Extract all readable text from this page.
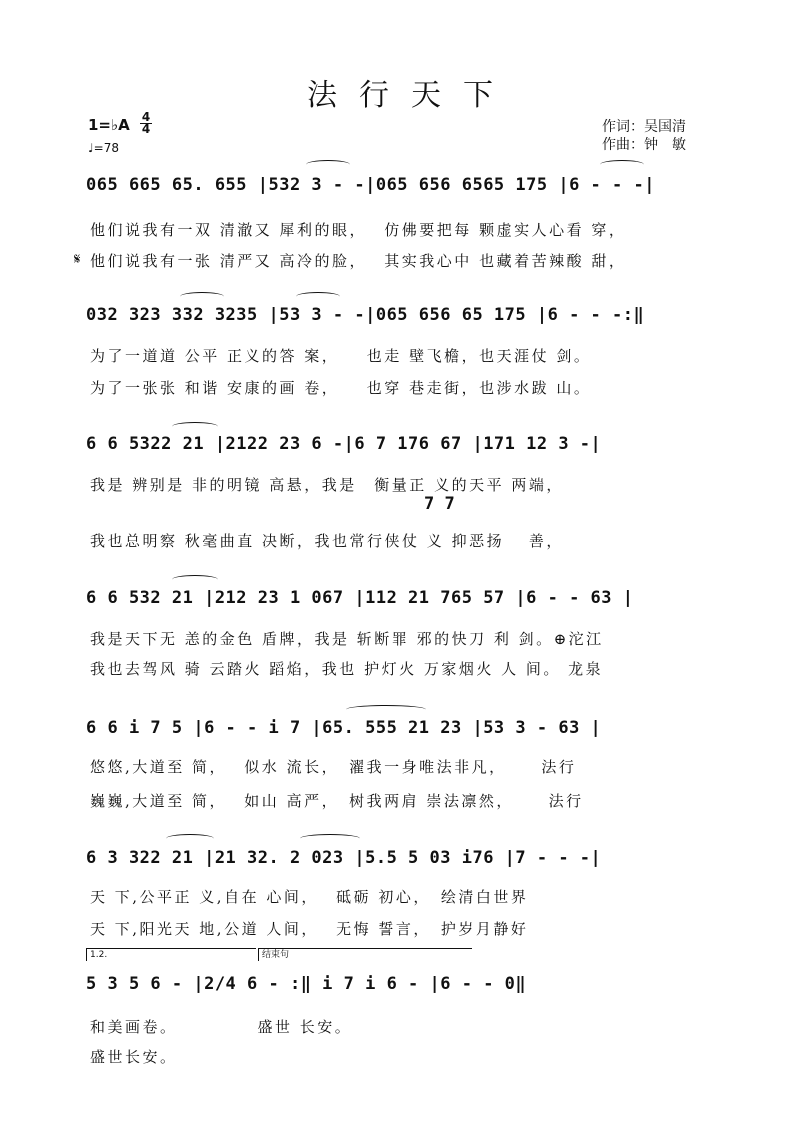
法行天下
1=♭A 4
4
♩=78
作词：吴国清
作曲：钟　敏
065 665 65. 655 |532 3 - -|065 656 6565 175 |6 - - -|
他们说我有一双 清澈又 犀利的眼，　 仿佛要把每 颗虚实人心看 穿，
𝄋 他们说我有一张 清严又 高冷的脸，　 其实我心中 也藏着苦辣酸 甜，
032 323 332 3235 |53 3 - -|065 656 65 175 |6 - - -:‖
为了一道道 公平 正义的答 案，　　也走 壁飞檐，也天涯仗 剑。
为了一张张 和谐 安康的画 卷，　　也穿 巷走街，也涉水跋 山。
6 6 5322 21 |2122 23 6 -|6 7 176 67 |171 12 3 -|
我是 辨别是 非的明镜 高悬，我是　衡量正 义的天平 两端，
7 7
我也总明察 秋毫曲直 决断，我也常行侠仗 义 抑恶扬　 善，
6 6 532 21 |212 23 1 067 |112 21 765 57 |6 - - 63 |
我是天下无 恙的金色 盾牌，我是 斩断罪 邪的快刀 利 剑。⊕沱江
我也去驾风 骑 云踏火 蹈焰，我也 护灯火 万家烟火 人 间。 龙泉
6 6 i 7 5 |6 - - i 7 |65. 555 21 23 |53 3 - 63 |
悠悠,大道至 简，　 似水 流长，　濯我一身唯法非凡，　　 法行
巍巍,大道至 简，　 如山 高严，　树我两肩 崇法凛然，　　 法行
6 3 322 21 |21 32. 2 023 |5.5 5 03 i76 |7 - - -|
天 下,公平正 义,自在 心间，　 砥砺 初心，　绘清白世界
天 下,阳光天 地,公道 人间，　 无悔 誓言，　护岁月静好
1.2.	结束句
5 3 5 6 - |2/4 6 - :‖ i 7 i 6 - |6 - - 0‖
和美画卷。　　　　　盛世 长安。
盛世长安。
